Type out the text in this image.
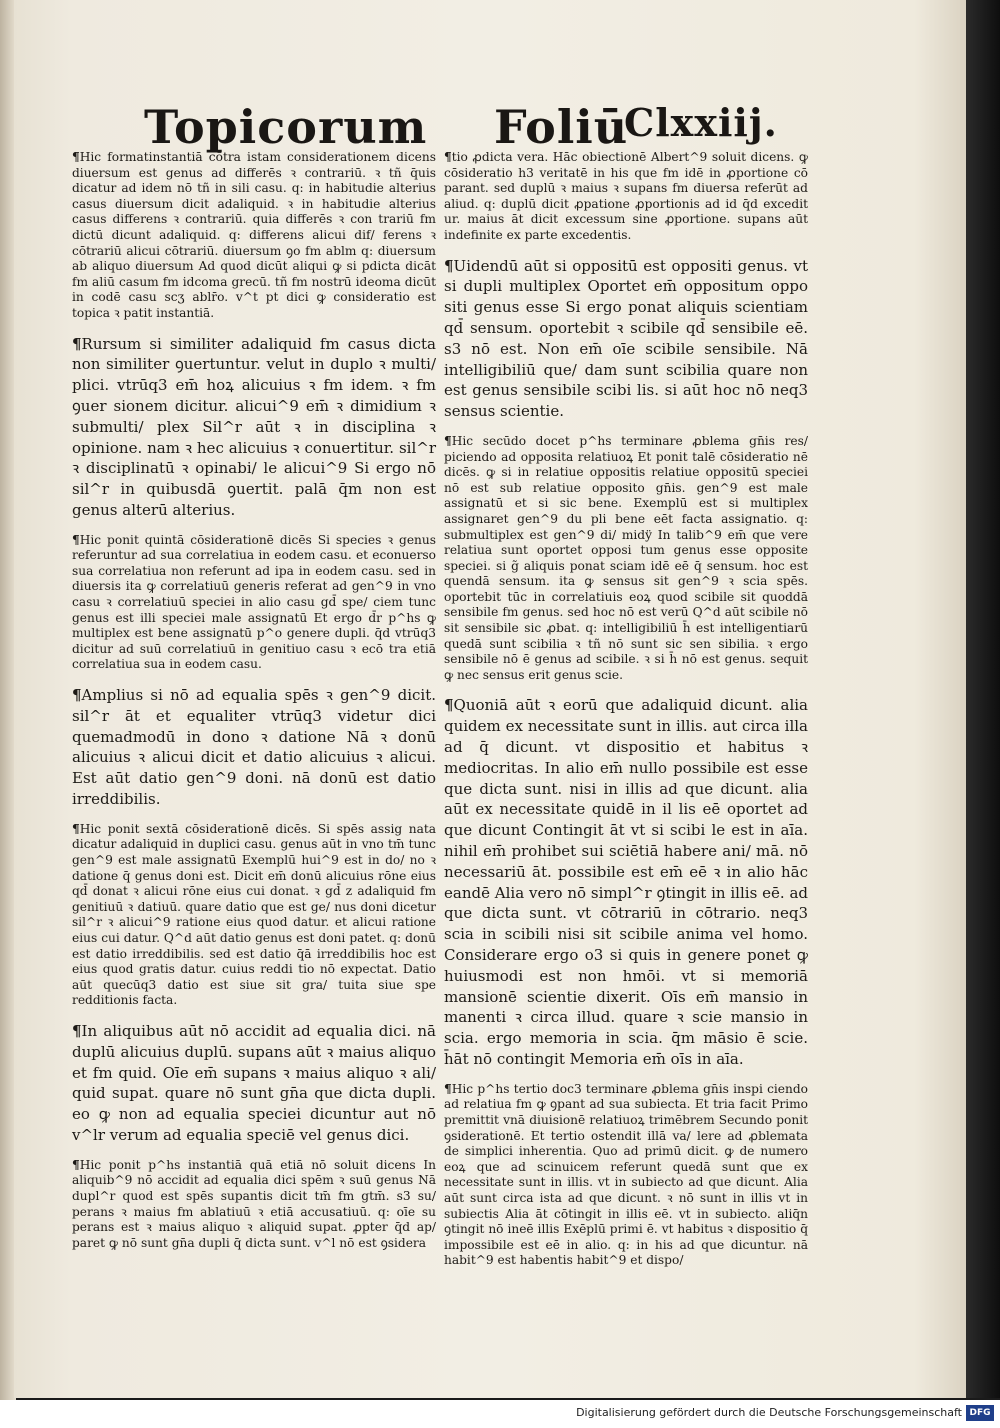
Topicorum Foliū
Clxxiij.

¶Hic formatinstantiā cōtra istam considerationem dicens diuersum est genus ad differēs ꝛ contrariū. ꝛ tñ q̄uis dicatur ad idem nō tñ in sili casu. q: in habitudie alterius casus diuersum dicit adaliquid. ꝛ in habitudie alterius casus differens ꝛ contrariū. quia differēs ꝛ con trariū fm dictū dicunt adaliquid. q: differens alicui dif/ ferens ꝛ cōtrariū alicui cōtrariū. diuersum ꝯo fm ablm q: diuersum ab aliquo diuersum Ad quod dicūt aliqui ꝙ si pdicta dicāt fm aliū casum fm idcoma grecū. tñ fm nostrū ideoma dicūt in codē casu scʒ ablr̄o. v^t pt dici ꝙ consideratio est topica ꝛ patit instantiā.

¶Rursum si similiter adaliquid fm casus dicta non similiter ꝯuertuntur. velut in duplo ꝛ multi/ plici. vtrūq3 em̄ hoꝝ alicuius ꝛ fm idem. ꝛ fm ꝯuer sionem dicitur. alicui^9 em̄ ꝛ dimidium ꝛ submulti/ plex Sil^r aūt ꝛ in disciplina ꝛ opinione. nam ꝛ hec alicuius ꝛ conuertitur. sil^r ꝛ disciplinatū ꝛ opinabi/ le alicui^9 Si ergo nō sil^r in quibusdā ꝯuertit. palā q̄m non est genus alterū alterius.

¶Hic ponit quintā cōsiderationē dicēs Si species ꝛ genus referuntur ad sua correlatiua in eodem casu. et econuerso sua correlatiua non referunt ad ipa in eodem casu. sed in diuersis ita ꝙ correlatiuū generis referat ad gen^9 in vno casu ꝛ correlatiuū speciei in alio casu gd̄ spe/ ciem tunc genus est illi speciei male assignatū Et ergo d̄r p^hs ꝙ multiplex est bene assignatū p^o genere dupli. q̄d vtrūq3 dicitur ad suū correlatiuū in genitiuo casu ꝛ ecō tra etiā correlatiua sua in eodem casu.

¶Amplius si nō ad equalia spēs ꝛ gen^9 dicit. sil^r āt et equaliter vtrūq3 videtur dici quemadmodū in dono ꝛ datione Nā ꝛ donū alicuius ꝛ alicui dicit et datio alicuius ꝛ alicui. Est aūt datio gen^9 doni. nā donū est datio irreddibilis.

¶Hic ponit sextā cōsiderationē dicēs. Si spēs assig nata dicatur adaliquid in duplici casu. genus aūt in vno tm̄ tunc gen^9 est male assignatū Exemplū hui^9 est in do/ no ꝛ datione q̄ genus doni est. Dicit em̄ donū alicuius rōne eius qd̄ donat ꝛ alicui rōne eius cui donat. ꝛ gd̄ z adaliquid fm genitiuū ꝛ datiuū. quare datio que est ge/ nus doni dicetur sil^r ꝛ alicui^9 ratione eius quod datur. et alicui ratione eius cui datur. Q^d aūt datio genus est doni patet. q: donū est datio irreddibilis. sed est datio q̄ā irreddibilis hoc est eius quod gratis datur. cuius reddi tio nō expectat. Datio aūt quecūq3 datio est siue sit gra/ tuita siue spe redditionis facta.

¶In aliquibus aūt nō accidit ad equalia dici. nā duplū alicuius duplū. supans aūt ꝛ maius aliquo et fm quid. Oīe em̄ supans ꝛ maius aliquo ꝛ ali/ quid supat. quare nō sunt gn̄a que dicta dupli. eo ꝙ non ad equalia speciei dicuntur aut nō v^lr verum ad equalia speciē vel genus dici.

¶Hic ponit p^hs instantiā quā etiā nō soluit dicens In aliquib^9 nō accidit ad equalia dici spēm ꝛ suū genus Nā dupl^r quod est spēs supantis dicit tm̄ fm gtm̄. s3 su/ perans ꝛ maius fm ablatiuū ꝛ etiā accusatiuū. q: oīe su perans est ꝛ maius aliquo ꝛ aliquid supat. ꝓpter q̄d ap/ paret ꝙ nō sunt gn̄a dupli q̄ dicta sunt. v^l nō est ꝯsidera

¶tio ꝓdicta vera. Hāc obiectionē Albert^9 soluit dicens. ꝙ cōsideratio h3 veritatē in his que fm idē in ꝓportione cō parant. sed duplū ꝛ maius ꝛ supans fm diuersa referūt ad aliud. q: duplū dicit ꝓpatione ꝓportionis ad id q̄d excedit ur. maius āt dicit excessum sine ꝓportione. supans aūt indefinite ex parte excedentis.

¶Uidendū aūt si oppositū est oppositi genus. vt si dupli multiplex Oportet em̄ oppositum oppo siti genus esse Si ergo ponat aliquis scientiam qd̄ sensum. oportebit ꝛ scibile qd̄ sensibile eē. s3 nō est. Non em̄ oīe scibile sensibile. Nā intelligibiliū que/ dam sunt scibilia quare non est genus sensibile scibi lis. si aūt hoc nō neq3 sensus scientie.

¶Hic secūdo docet p^hs terminare ꝓblema gn̄is res/ piciendo ad opposita relatiuoꝝ Et ponit talē cōsideratio nē dicēs. ꝙ si in relatiue oppositis relatiue oppositū speciei nō est sub relatiue opposito gn̄is. gen^9 est male assignatū et si sic bene. Exemplū est si multiplex assignaret gen^9 du pli bene eēt facta assignatio. q: submultiplex est gen^9 di/ midÿ In talib^9 em̄ que vere relatiua sunt oportet opposi tum genus esse opposite speciei. si g̃ aliquis ponat sciam idē eē q̄ sensum. hoc est quendā sensum. ita ꝙ sensus sit gen^9 ꝛ scia spēs. oportebit tūc in correlatiuis eoꝝ quod scibile sit quoddā sensibile fm genus. sed hoc nō est verū Q^d aūt scibile nō sit sensibile sic ꝓbat. q: intelligibiliū h̄ est intelligentiarū quedā sunt scibilia ꝛ tñ nō sunt sic sen sibilia. ꝛ ergo sensibile nō ē genus ad scibile. ꝛ si h̄ nō est genus. sequit ꝙ nec sensus erit genus scie.

¶Quoniā aūt ꝛ eorū que adaliquid dicunt. alia quidem ex necessitate sunt in illis. aut circa illa ad q̄ dicunt. vt dispositio et habitus ꝛ mediocritas. In alio em̄ nullo possibile est esse que dicta sunt. nisi in illis ad que dicunt. alia aūt ex necessitate quidē in il lis eē oportet ad que dicunt Contingit āt vt si scibi le est in aīa. nihil em̄ prohibet sui sciētiā habere ani/ mā. nō necessariū āt. possibile est em̄ eē ꝛ in alio hāc eandē Alia vero nō simpl^r ꝯtingit in illis eē. ad que dicta sunt. vt cōtrariū in cōtrario. neq3 scia in scibili nisi sit scibile anima vel homo. Considerare ergo o3 si quis in genere ponet ꝙ huiusmodi est non hmōi. vt si memoriā mansionē scientie dixerit. Oīs em̄ mansio in manenti ꝛ circa illud. quare ꝛ scie mansio in scia. ergo memoria in scia. q̄m māsio ē scie. h̄āt nō contingit Memoria em̄ oīs in aīa.

¶Hic p^hs tertio doc3 terminare ꝓblema gn̄is inspi ciendo ad relatiua fm ꝙ ꝯpant ad sua subiecta. Et tria facit Primo premittit vnā diuisionē relatiuoꝝ trimēbrem Secundo ponit ꝯsiderationē. Et tertio ostendit illā va/ lere ad ꝓblemata de simplici inherentia. Quo ad primū dicit. ꝙ de numero eoꝝ que ad scinuicem referunt quedā sunt que ex necessitate sunt in illis. vt in subiecto ad que dicunt. Alia aūt sunt circa ista ad que dicunt. ꝛ nō sunt in illis vt in subiectis Alia āt cōtingit in illis eē. vt in subiecto. aliq̄n ꝯtingit nō ineē illis Exēplū primi ē. vt habitus ꝛ dispositio q̄ impossibile est eē in alio. q: in his ad que dicuntur. nā habit^9 est habentis habit^9 et dispo/

Digitalisierung gefördert durch die Deutsche Forschungsgemeinschaft DFG
